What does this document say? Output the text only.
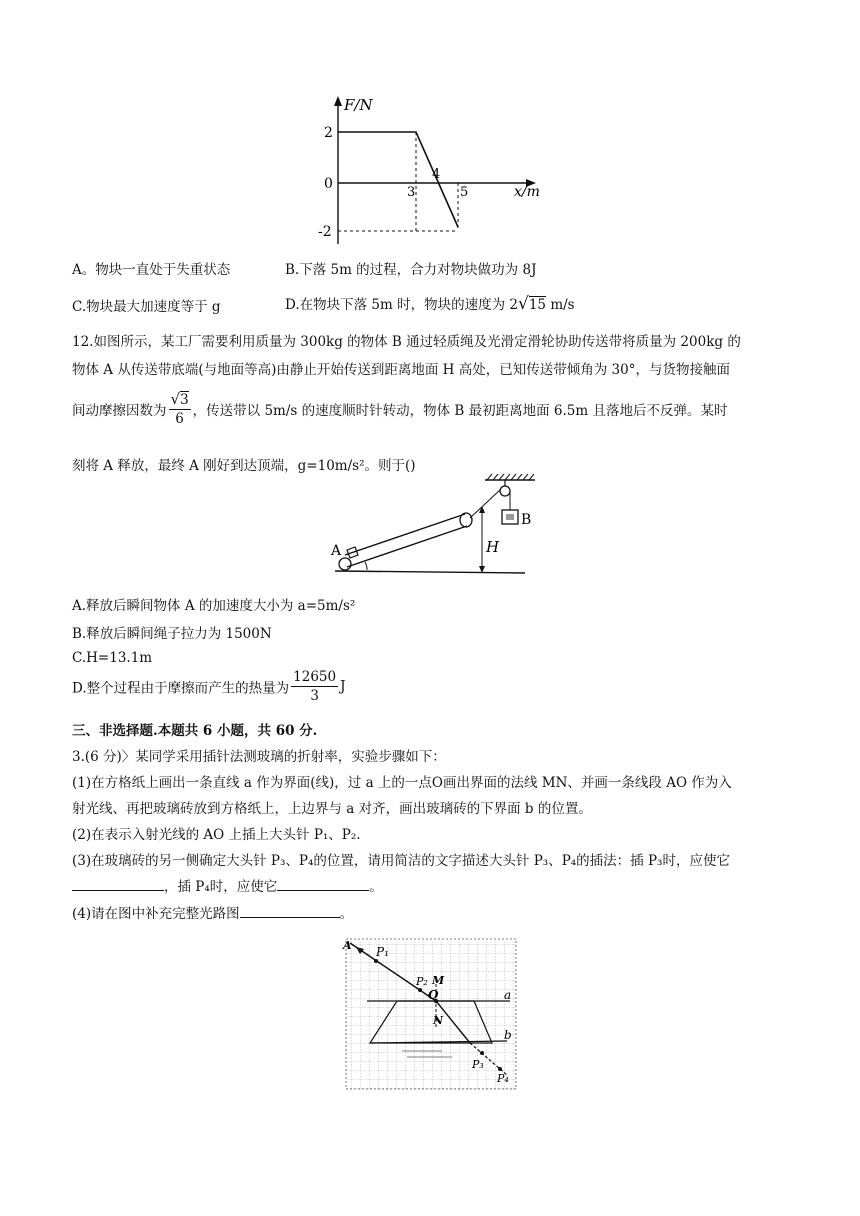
F/N
2
0
-2
3
4
5	x/m
A。物块一直处于失重状态	B.下落 5m 的过程，合力对物块做功为 8J
C.物块最大加速度等于 g	D.在物块下落 5m 时，物块的速度为 2√15 m/s
12.如图所示，某工厂需要利用质量为 300kg 的物体 B 通过轻质绳及光滑定滑轮协助传送带将质量为 200kg 的
物体 A 从传送带底端(与地面等高)由静止开始传送到距离地面 H 高处，已知传送带倾角为 30°，与货物接触面
间动摩擦因数为 $\frac{√3}{6}$ ，传送带以 5m/s 的速度顺时针转动，物体 B 最初距离地面 6.5m 且落地后不反弹。某时
刻将 A 释放，最终 A 刚好到达顶端，g=10m/s²。则于()
B
A	H
A.释放后瞬间物体 A 的加速度大小为 a=5m/s²
B.释放后瞬间绳子拉力为 1500N
C.H=13.1m
D.整个过程由于摩擦而产生的热量为 $\frac{12650}{3}$ J
三、非选择题.本题共 6 小题，共 60 分.
3.(6 分)〉某同学采用插针法测玻璃的折射率，实验步骤如下：
(1)在方格纸上画出一条直线 a 作为界面(线)，过 a 上的一点O画出界面的法线 MN、并画一条线段 AO 作为入
射光线、再把玻璃砖放到方格纸上，上边界与 a 对齐，画出玻璃砖的下界面 b 的位置。
(2)在表示入射光线的 AO 上插上大头针 P₁、P₂.
(3)在玻璃砖的另一侧确定大头针 P₃、P₄的位置，请用简洁的文字描述大头针 P₃、P₄的插法：插 P₃时，应使它
，插 P₄时，应使它	。
(4)请在图中补充完整光路图	。
a
b
A P₁
P₂ M
O
N
P₃
P₄
